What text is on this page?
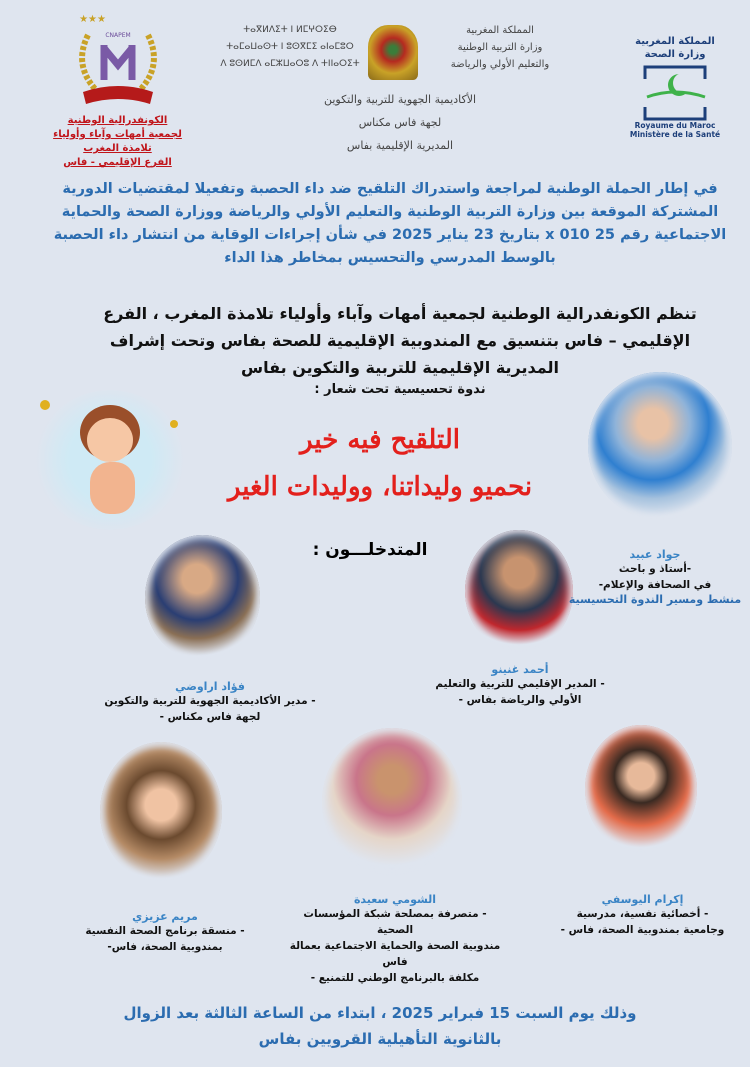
★★★
CNAPEM
الكونفدرالية الوطنية
لجمعية أمهات وآباء وأولياء تلامذة المغرب
الفرع الإقليمي - فاس
ⵜⴰⴳⵍⴷⵉⵜ ⵏ ⵍⵎⵖⵔⵉⴱ
ⵜⴰⵎⴰⵡⴰⵙⵜ ⵏ ⵓⵙⴳⵎⵉ ⴰⵏⴰⵎⵓⵔ
ⴷ ⵓⵙⵍⵎⴷ ⴰⵎⵣⵡⴰⵔⵓ ⴷ ⵜⵏⵏⴰⵔⵉⵜ
المملكة المغربية
وزارة التربية الوطنية
والتعليم الأولي والرياضة
الأكاديمية الجهوية للتربية والتكوين
لجهة فاس مكناس
المديرية الإقليمية بفاس
المملكة المغربية
وزارة الصحة
Royaume du Maroc
Ministère de la Santé
في إطار الحملة الوطنية لمراجعة واستدراك التلقيح ضد داء الحصبة وتفعيلا لمقتضيات الدورية
المشتركة الموقعة بين وزارة التربية الوطنية والتعليم الأولي والرياضة ووزارة الصحة والحماية
الاجتماعية رقم 25 x 010 بتاريخ 23 يناير 2025 في شأن إجراءات الوقاية من انتشار داء الحصبة
بالوسط المدرسي والتحسيس بمخاطر هذا الداء
تنظم الكونفدرالية الوطنية لجمعية أمهات وآباء وأولياء تلامذة المغرب ، الفرع
الإقليمي – فاس بتنسيق مع المندوبية الإقليمية للصحة بفاس وتحت إشراف
المديرية الإقليمية للتربية والتكوين بفاس
ندوة تحسيسية تحت شعار :
التلقيح فيه خير
نحميو وليداتنا، ووليدات الغير
المتدخلـــون :	جواد عبيد
-أستاذ و باحث
في الصحافة والإعلام-
منشط ومسير الندوة التحسيسية
أحمد غنينو
- المدير الإقليمي للتربية والتعليم
الأولي والرياضة بفاس -
فؤاد اراوضي
- مدير الأكاديمية الجهوية للتربية والتكوين
لجهة فاس مكناس -
إكرام اليوسفي
- أخصائية نفسية، مدرسية
وجامعية بمندوبية الصحة، فاس -
الشومي سعيدة
- متصرفة بمصلحة شبكة المؤسسات الصحية
مندوبية الصحة والحماية الاجتماعية بعمالة فاس
مكلفة بالبرنامج الوطني للتمنيع -
مريم عزيزي
- منسقة برنامج الصحة النفسية
بمندوبية الصحة، فاس-
وذلك يوم السبت 15 فبراير 2025 ، ابتداء من الساعة الثالثة بعد الزوال
بالثانوية التأهيلية القرويين بفاس
